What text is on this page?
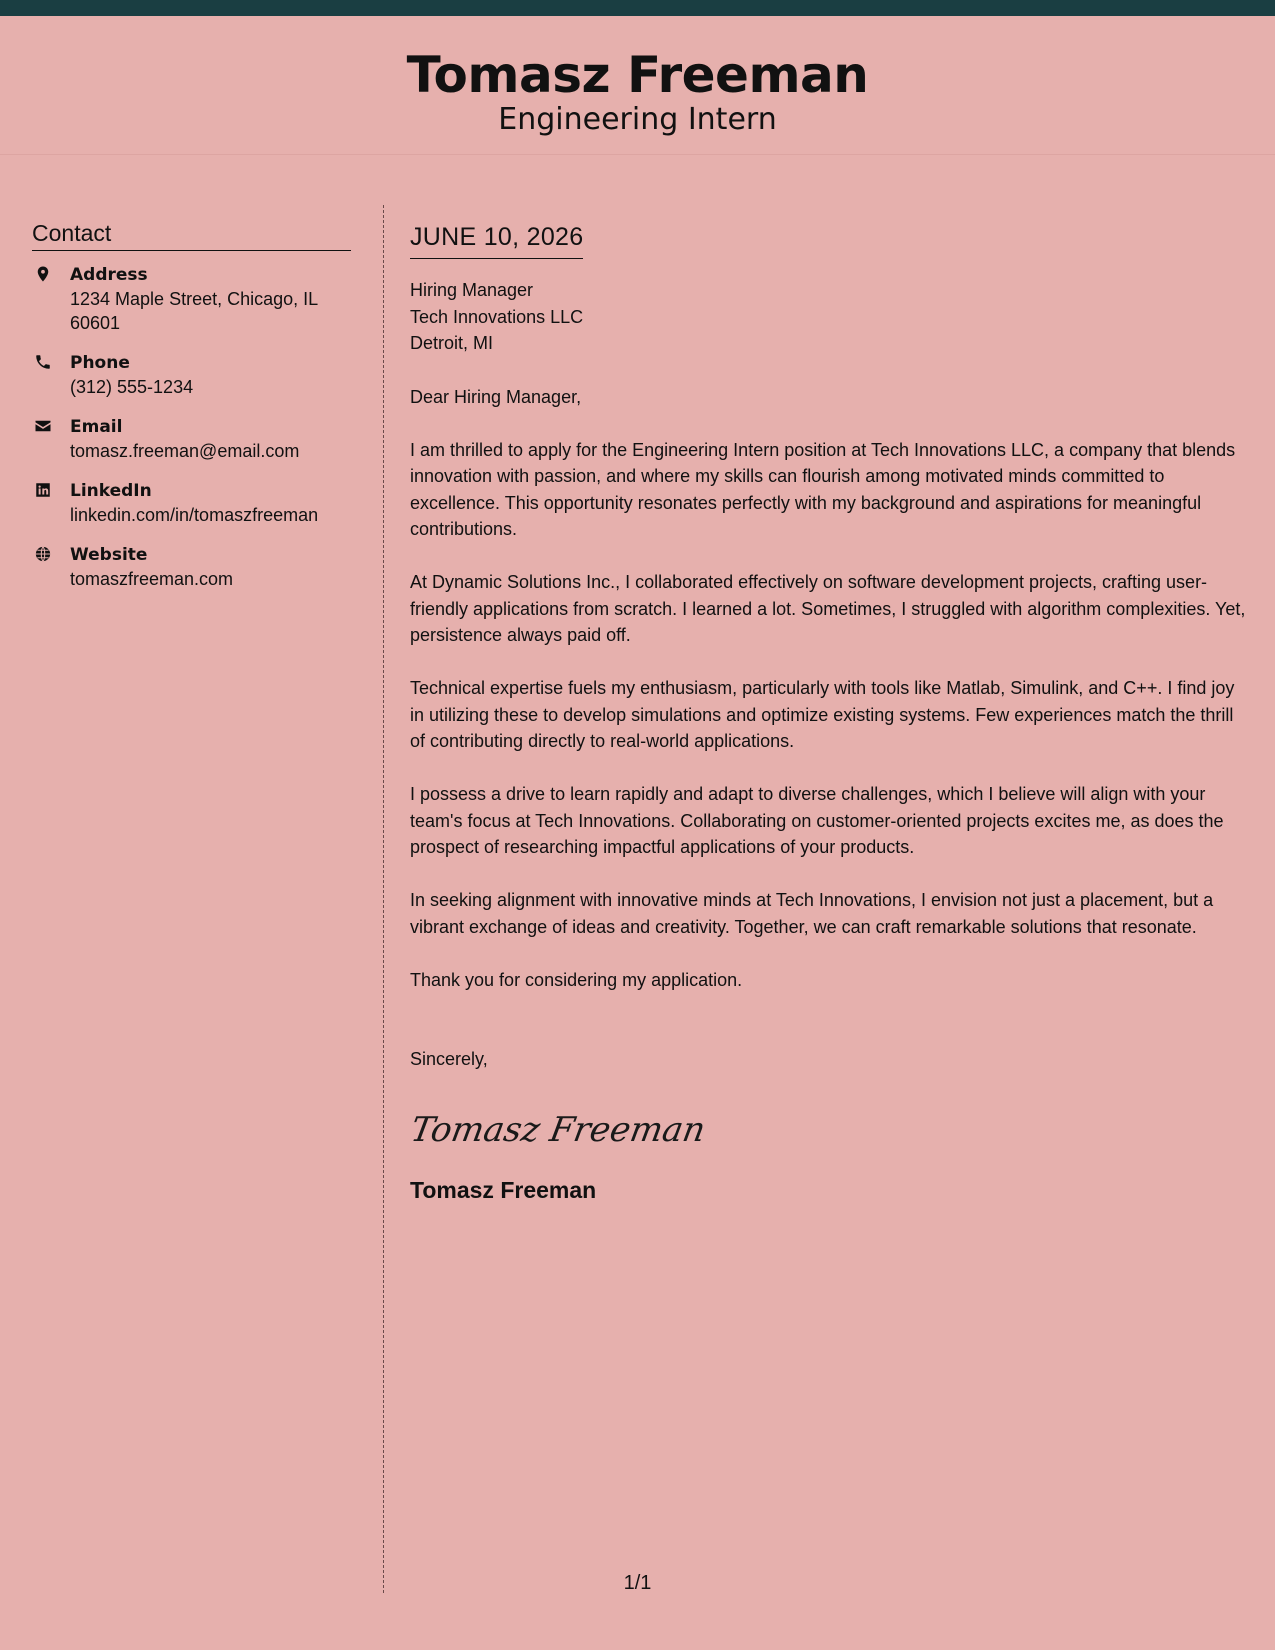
Tomasz Freeman
Engineering Intern
Contact
Address
1234 Maple Street, Chicago, IL 60601
Phone
(312) 555-1234
Email
tomasz.freeman@email.com
LinkedIn
linkedin.com/in/tomaszfreeman
Website
tomaszfreeman.com
JUNE 10, 2026
Hiring Manager
Tech Innovations LLC
Detroit, MI

Dear Hiring Manager,

I am thrilled to apply for the Engineering Intern position at Tech Innovations LLC, a company that blends innovation with passion, and where my skills can flourish among motivated minds committed to excellence. This opportunity resonates perfectly with my background and aspirations for meaningful contributions.

At Dynamic Solutions Inc., I collaborated effectively on software development projects, crafting user-friendly applications from scratch. I learned a lot. Sometimes, I struggled with algorithm complexities. Yet, persistence always paid off.

Technical expertise fuels my enthusiasm, particularly with tools like Matlab, Simulink, and C++. I find joy in utilizing these to develop simulations and optimize existing systems. Few experiences match the thrill of contributing directly to real-world applications.

I possess a drive to learn rapidly and adapt to diverse challenges, which I believe will align with your team's focus at Tech Innovations. Collaborating on customer-oriented projects excites me, as does the prospect of researching impactful applications of your products.

In seeking alignment with innovative minds at Tech Innovations, I envision not just a placement, but a vibrant exchange of ideas and creativity. Together, we can craft remarkable solutions that resonate.

Thank you for considering my application.

Sincerely,

Tomasz Freeman
Tomasz Freeman
1/1
